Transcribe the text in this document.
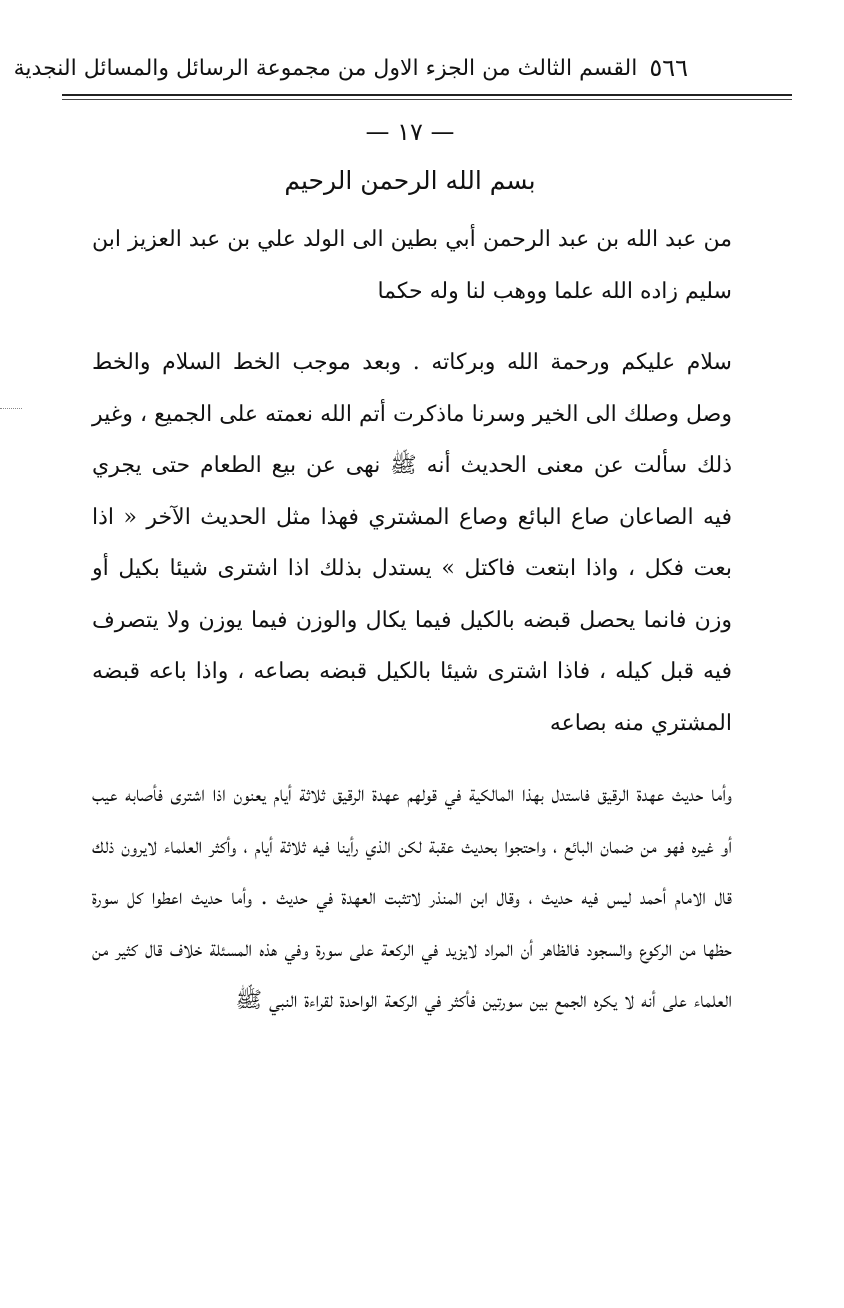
٥٦٦
القسم الثالث من الجزء الاول من مجموعة الرسائل والمسائل النجدية
— ١٧ —
بسم الله الرحمن الرحيم

من عبد الله بن عبد الرحمن أبي بطين الى الولد علي بن عبد العزيز ابن سليم زاده الله علما ووهب لنا وله حكما

سلام عليكم ورحمة الله وبركاته . وبعد موجب الخط السلام والخط وصل وصلك الى الخير وسرنا ماذكرت أتم الله نعمته على الجميع ، وغير ذلك سألت عن معنى الحديث أنه ﷺ نهى عن بيع الطعام حتى يجري فيه الصاعان صاع البائع وصاع المشتري فهذا مثل الحديث الآخر « اذا بعت فكل ، واذا ابتعت فاكتل » يستدل بذلك اذا اشترى شيئا بكيل أو وزن فانما يحصل قبضه بالكيل فيما يكال والوزن فيما يوزن ولا يتصرف فيه قبل كيله ، فاذا اشترى شيئا بالكيل قبضه بصاعه ، واذا باعه قبضه المشتري منه بصاعه

وأما حديث عهدة الرقيق فاستدل بهذا المالكية في قولهم عهدة الرقيق ثلاثة أيام يعنون اذا اشترى فأصابه عيب أو غيره فهو من ضمان البائع ، واحتجوا بحديث عقبة لكن الذي رأينا فيه ثلاثة أيام ، وأكثر العلماء لايرون ذلك قال الامام أحمد ليس فيه حديث ، وقال ابن المنذر لاتثبت العهدة في حديث . وأما حديث اعطوا كل سورة حظها من الركوع والسجود فالظاهر أن المراد لايزيد في الركعة على سورة وفي هذه المسئلة خلاف قال كثير من العلماء على أنه لا يكره الجمع بين سورتين فأكثر في الركعة الواحدة لقراءة النبي ﷺ
